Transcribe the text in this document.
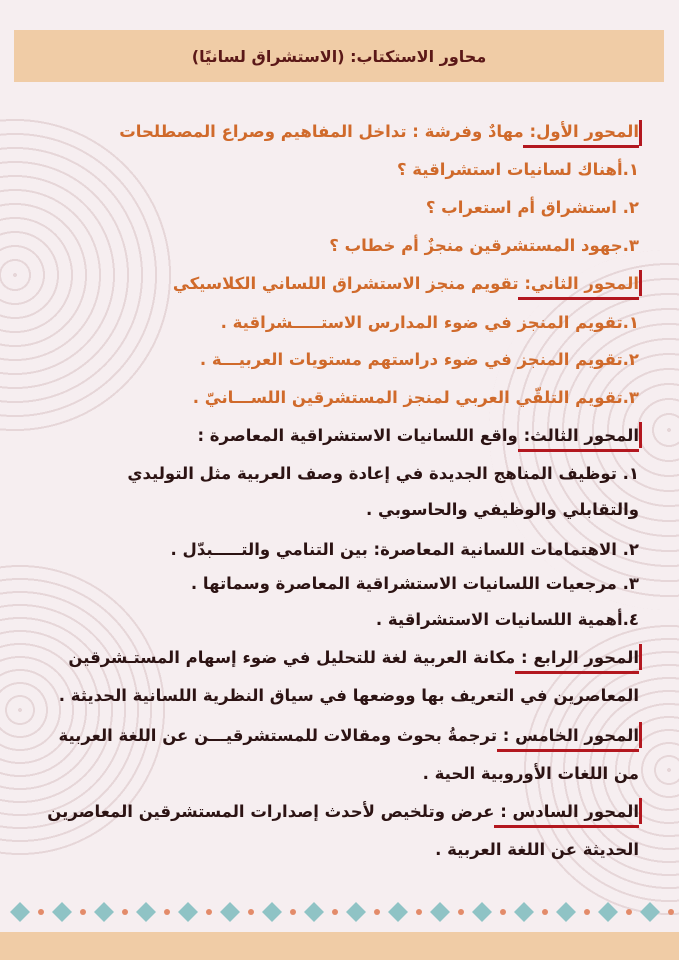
محاور الاستكتاب: (الاستشراق لسانيًا)
المحور الأول: مهادٌ وفرشة : تداخل المفاهيم وصراع المصطلحات
١.أهناك لسانيات استشراقية ؟
٢. استشراق أم استعراب ؟
٣.جهود المستشرقين منجزٌ أم خطاب ؟
المحور الثاني: تقويم منجز الاستشراق اللساني الكلاسيكي
١.تقويم المنجز في ضوء المدارس الاستـــــشراقية .
٢.تقويم المنجز في ضوء دراستهم مستويات العربيـــة .
٣.تقويم التلقّي العربي لمنجز المستشرقين اللســـانيّ .
المحور الثالث: واقع اللسانيات الاستشراقية المعاصرة :
١. توظيف المناهج الجديدة في إعادة وصف العربية مثل التوليدي
والتقابلي والوظيفي والحاسوبي .
٢. الاهتمامات اللسانية المعاصرة: بين التنامي والتـــــبدّل .
٣. مرجعيات اللسانيات الاستشراقية المعاصرة وسماتها .
٤.أهمية اللسانيات الاستشراقية .
المحور الرابع : مكانة العربية لغة للتحليل في ضوء إسهام المستـشرقين
المعاصرين في التعريف بها ووضعها في سياق النظرية اللسانية الحديثة .
المحور الخامس : ترجمةُ بحوث ومقالات للمستشرقيـــن عن اللغة العربية
من اللغات الأوروبية الحية .
المحور السادس : عرض وتلخيص لأحدث إصدارات المستشرقين المعاصرين
الحديثة عن اللغة العربية .
